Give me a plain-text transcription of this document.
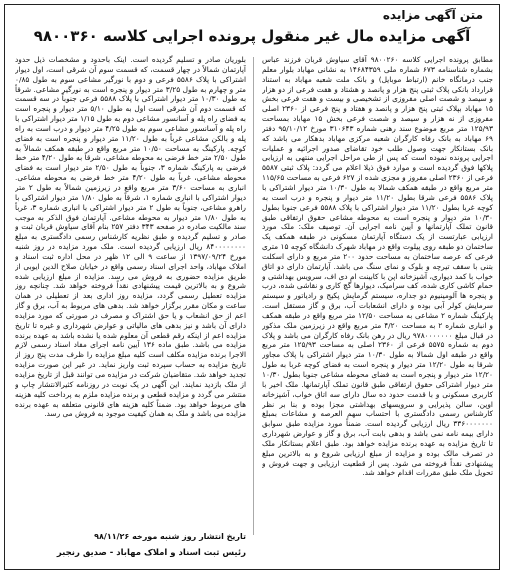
متن آگهی مزایده
آگهی مزایده مال غیر منقول پرونده اجرایی کلاسه ۹۸۰۰۳۶۰
مطابق پرونده اجرایی کلاسه ۹۸۰۰۲۶۰ آقای سیاوش قربان فرزند عباس بشماره شناسنامه ۶۷۳ شماره ملی ۱۴۶۸۴۳۵۹ به نشانی مهاباد بلوار معلم جنب درمانگاه خانم (ارتباط موبایل) و بانک ملت شعبه مهاباد به استناد قرارداد بانکی پلاک ثبتی پنج هزار و پانصد و هشتاد و هفت فرعی از دو هزار و سیصد و شصت اصلی مفروزی از تشخیصی و بیست و هفت فرعی بخش ۱۵ مهاباد بپلاک ثبتی پنج هزار و پانصد و هفتاد و پنج فرعی از ۲۳۶۰ اصلی مفروزی از نه هزار و سیصد و شصت فرعی بخش ۱۵ مهاباد بمساحت ۱۲۵/۹۳ متر مربع موضوع سند رهنی شماره ۳۱۰۶۴۳ مورخ ۹۵/۱۰/۱۲ دفتر ۶۹ مهاباد به بانک رفاه کارگران شعبه مرکزی مهاباد بدهکار می باشد که بانک بستانکار جهت وصول طلب خود تقاضای صدور اجرائیه و عملیات اجرایی پرونده نموده است که پس از طی مراحل اجرایی منتهی به ارزیابی پلاکها فوق گردیده است و موارد فوق ذیلا اعلام می گردد: پلاک ثبتی ۵۵۸۷ فرعی از ۲۳۶۰ اصلی مفروز و مجزی شده از ۶۲۷ فرعی به مساحت ۱۱۵/۶۵ متر مربع واقع در طبقه همکف شمالا به طول ۱۰/۳۰ متر دیوار اشتراکی با پلاک ۵۵۸۶ فرعی شرقا بطول ۱۱/۲۰ متر دیوار و پنجره و درب است به کوچه غربا بطول ۱۱/۲۰ متر دیوار اشتراکی با پلاک ۵۵۸۸ فرعی جنوبا بطول ۱۰/۳۰ متر دیوار و پنجره است به محوطه مشاعی حقوق ارتفاقی طبق قانون تملک آپارتمانها و آیین نامه اجرایی آن. توصیف ملک: ملک مورد ارزیابی عبارتست از یک دستگاه آپارتمان مسکونی در طبقه همکف یک ساختمان دو طبقه روی پیلوت واقع در مهاباد شهرک دانشگاه کوچه ۱۵ متری فرعی که عرصه ساختمان به مساحت حدود ۲۰۰ متر مربع و دارای اسکلت بتنی با سقف تیرچه و بلوک و نمای سنگ می باشد. آپارتمان دارای دو اتاق خواب با کمد دیواری، آشپزخانه اپن با کابینت ام دی اف، سرویس بهداشتی و حمام کاشی کاری شده، کف سرامیک، دیوارها گچ کاری و نقاشی شده، درب و پنجره ها آلومینیوم دو جداره، سیستم گرمایش پکیج و رادیاتور و سیستم سرمایش کولر آبی بوده و دارای انشعابات آب، برق و گاز مستقل است. پارکینگ شماره ۲ مشاعی به مساحت ۱۲/۵۰ متر مربع واقع در طبقه همکف و انباری شماره ۲ به مساحت ۴/۲۰ متر مربع واقع در زیرزمین ملک مذکور در قبال مبلغ ۹۷۸۰۰۰۰۰۰۰ ریال در رهن بانک رفاه کارگران می باشد و پلاک دوم به شماره ۵۵۷۵ فرعی از ۲۳۶۰ اصلی به مساحت ۱۲۵/۹۳ متر مربع واقع در طبقه اول شمالا به طول ۱۰/۳۰ متر دیوار اشتراکی با پلاک مجاور شرقا به طول ۱۲/۲۰ متر دیوار و پنجره است به فضای کوچه غربا به طول ۱۲/۲۰ متر دیوار و پنجره است به فضای محوطه مشاعی جنوبا بطول ۱۰/۳۰ متر دیوار اشتراکی حقوق ارتفاقی طبق قانون تملک آپارتمانها. ملک اخیر با کاربری مسکونی و با قدمت حدود ده سال دارای سه اتاق خواب، آشپزخانه اوپن، سالن پذیرایی و سرویسهای بهداشتی مجزا بوده و بنا بر نظر کارشناس رسمی دادگستری با احتساب سهم العرصه و مشاعات بمبلغ ۳۳۶۰۰۰۰۰۰۰ ریال ارزیابی گردیده است. ضمناً مورد مزایده طبق سوابق دارای بیمه نامه نمی باشد و بدهی بابت آب، برق و گاز و عوارض شهرداری تا تاریخ مزایده به عهده برنده مزایده خواهد بود. طبق اعلام بستانکار ملک در تصرف مالک بوده و مزایده از مبلغ ارزیابی شروع و به بالاترین مبلغ پیشنهادی نقداً فروخته می شود. پس از قطعیت ارزیابی و جهت فروش و تحویل ملک طبق مقررات اقدام خواهد شد.
بلوریان صادر و تسلیم گردیده است. اینک باحدود و مشخصات ذیل حدود آپارتمان شمالاً در چهار قسمت، که قسمت سوم آن شرقی است، اول دیوار اشتراکی با پلاک ۵۵۸۶ فرعی و دوم با نورگیر مشاعی سوم به طول ۰/۸۵ متر و چهارم به طول ۳/۲۵ متر دیوار و پنجره است به نورگیر مشاعی. شرقاً به طول ۱۰/۳۰ متر دیوار اشتراکی با پلاک ۵۵۸۸ فرعی جنوباً در سه قسمت که قسمت دوم آن شرقی است اول به طول ۵/۱۰ متر دیوار و پنجره است به فضای راه پله و آسانسور مشاعی دوم به طول ۱/۱۵ متر دیوار اشتراکی با راه پله و آسانسور مشاعی سوم به طول ۴/۲۵ متر دیوار و درب است به راه پله و بالکن مشاعی غرباً به طول ۱۱/۲۰ متر دیوار و پنجره است به فضای کوچه. پارکینگ به مساحت ۱۰/۵۰ متر مربع واقع در طبقه همکف شمالاً به طول ۲/۵۰ متر خط فرضی به محوطه مشاعی، شرقاً به طول ۴/۲۰ متر خط فرضی به پارکینگ شماره ۳، جنوباً به طول ۲/۵۰ متر دیوار است به فضای محوطه مشاعی، غرباً به طول ۴/۲۰ متر خط فرضی به محوطه مشاعی. انباری به مساحت ۳/۶۰ متر مربع واقع در زیرزمین شمالاً به طول ۲ متر دیوار اشتراکی با انباری شماره ۱، شرقاً به طول ۱/۸۰ متر دیوار اشتراکی با راهرو مشاعی، جنوباً به طول ۲ متر دیوار اشتراکی با انباری شماره ۳، غرباً به طول ۱/۸۰ متر دیوار به محوطه مشاعی. آپارتمان فوق الذکر به موجب سند مالکیت صادره در صفحه ۳۴۳ دفتر ۲۵۷ بنام آقای سیاوش قربان ثبت و صادر و تسلیم گردیده و طبق نظریه کارشناس رسمی دادگستری به مبلغ ۸۴۰۰۰۰۰۰۰۰ ریال ارزیابی گردیده است. ملک مورد مزایده در روز شنبه مورخ ۱۳۹۷/۰۹/۲۴ از ساعت ۹ الی ۱۲ ظهر در محل اداره ثبت اسناد و املاک مهاباد، واحد اجرای اسناد رسمی واقع در خیابان صلاح الدین ایوبی از طریق مزایده حضوری به فروش می رسد. مزایده از مبلغ ارزیابی شده شروع و به بالاترین قیمت پیشنهادی نقداً فروخته خواهد شد. چنانچه روز مزایده تعطیل رسمی گردد، مزایده روز اداری بعد از تعطیلی در همان ساعت و مکان مقرر برگزار خواهد شد. بدهی های مربوط به آب، برق و گاز اعم از حق انشعاب و یا حق اشتراک و مصرف در صورتی که مورد مزایده دارای آن باشد و نیز بدهی های مالیاتی و عوارض شهرداری و غیره تا تاریخ مزایده اعم از اینکه رقم قطعی آن معلوم شده یا نشده باشد به عهده برنده مزایده می باشد. طبق ماده ۱۳۶ آیین نامه اجرای مفاد اسناد رسمی لازم الاجرا برنده مزایده مکلف است کلیه مبلغ مزایده را ظرف مدت پنج روز از تاریخ مزایده به حساب سپرده ثبت واریز نماید. در غیر این صورت مزایده تجدید خواهد شد. متقاضیان شرکت در مزایده می توانند قبل از تاریخ مزایده از ملک بازدید نمایند. این آگهی در یک نوبت در روزنامه کثیرالانتشار چاپ و منتشر می گردد و مزایده قطعی و برنده مزایده ملزم به پرداخت کلیه هزینه های مربوط خواهد بود. ضمناً کلیه هزینه های قانونی متعلقه به عهده برنده مزایده می باشد و ملک به همان کیفیت موجود به فروش می رسد.
تاریخ انتشار روز شنبه مورخه ۹۸/۱۱/۲۶
رئیس ثبت اسناد و املاک مهاباد - صدیق رنجبر
